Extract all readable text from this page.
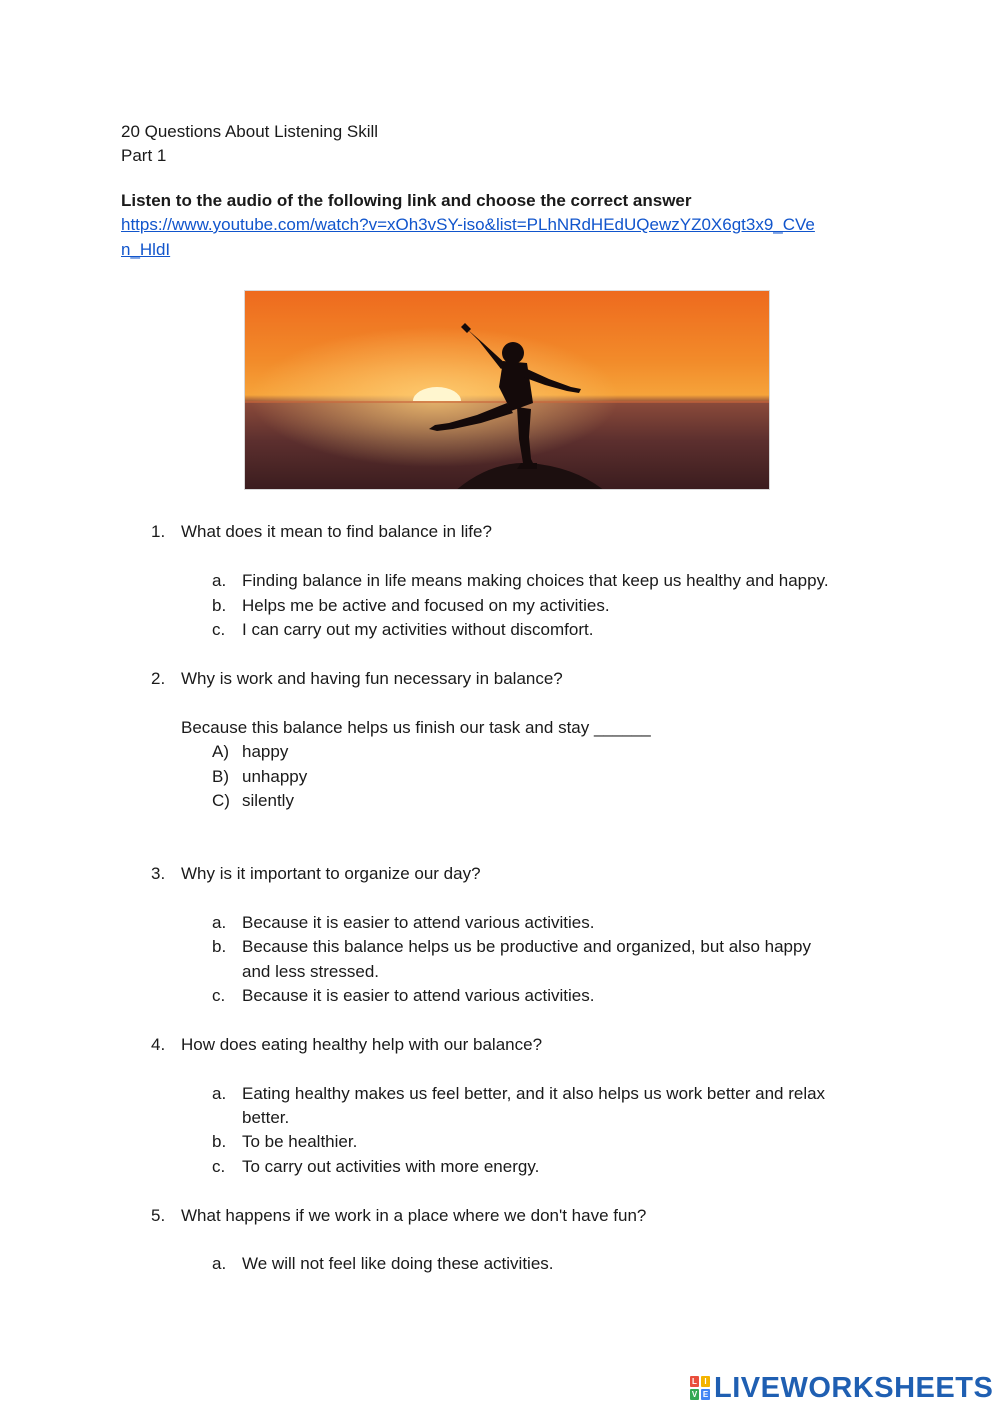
20 Questions About Listening Skill
Part 1
Listen to the audio of the following link and choose the correct answer
https://www.youtube.com/watch?v=xOh3vSY-iso&list=PLhNRdHEdUQewzYZ0X6gt3x9_CVe
n_HldI
1. What does it mean to find balance in life?
a. Finding balance in life means making choices that keep us healthy and happy.
b. Helps me be active and focused on my activities.
c. I can carry out my activities without discomfort.
2. Why is work and having fun necessary in balance?
Because this balance helps us finish our task and stay ______
A) happy
B) unhappy
C) silently
3. Why is it important to organize our day?
a. Because it is easier to attend various activities.
b. Because this balance helps us be productive and organized, but also happy
and less stressed.
c. Because it is easier to attend various activities.
4. How does eating healthy help with our balance?
a. Eating healthy makes us feel better, and it also helps us work better and relax
better.
b. To be healthier.
c. To carry out activities with more energy.
5. What happens if we work in a place where we don't have fun?
a. We will not feel like doing these activities.
L I
V E LIVEWORKSHEETS
